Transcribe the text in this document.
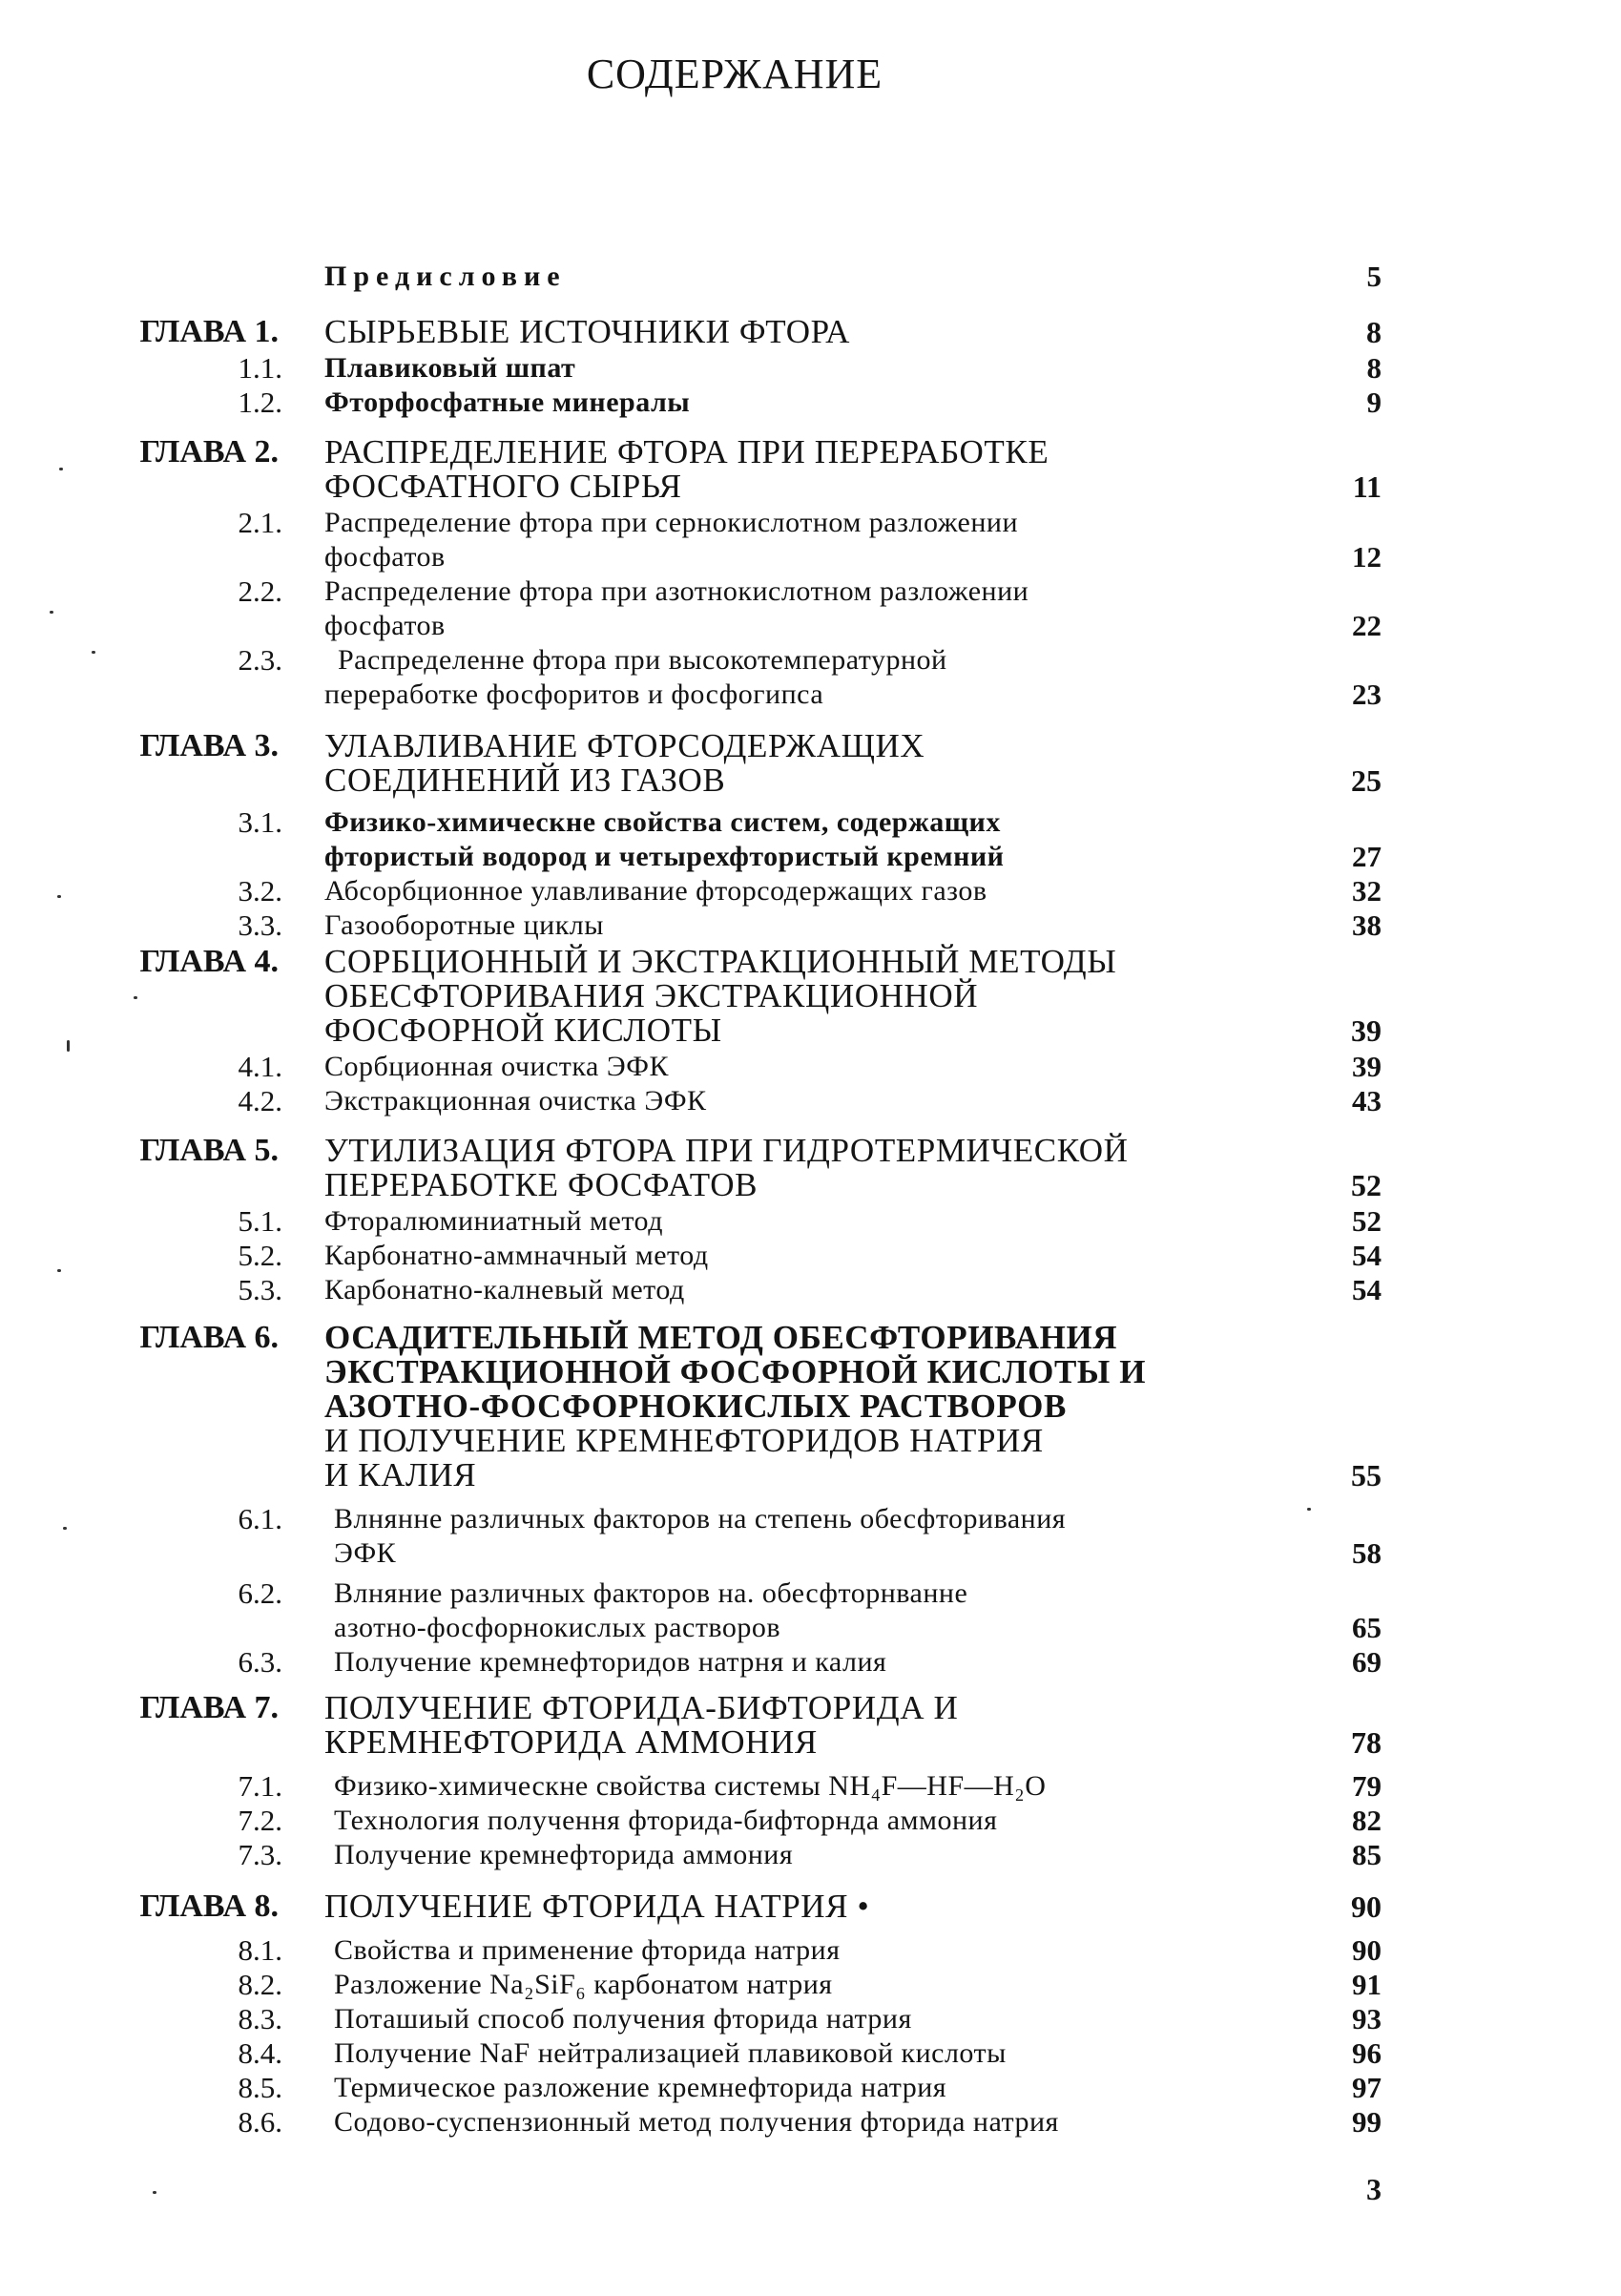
СОДЕРЖАНИЕ
Предисловие	5
ГЛАВА 1. СЫРЬЕВЫЕ ИСТОЧНИКИ ФТОРА	8
1.1. Плавиковый шпат	8
1.2. Фторфосфатные минералы	9
ГЛАВА 2. РАСПРЕДЕЛЕНИЕ ФТОРА ПРИ ПЕРЕРАБОТКЕ
ФОСФАТНОГО СЫРЬЯ	11
2.1. Распределение фтора при сернокислотном разложении
фосфатов	12
2.2. Распределение фтора при азотнокислотном разложении
фосфатов	22
2.3.	Распределенне фтора при высокотемпературной
переработке фосфоритов и фосфогипса	23
ГЛАВА 3. УЛАВЛИВАНИЕ ФТОРСОДЕРЖАЩИХ
СОЕДИНЕНИЙ ИЗ ГАЗОВ	25
3.1. Физико-химическне свойства систем, содержащих
фтористый водород и четырехфтористый кремний	27
3.2. Абсорбционное улавливание фторсодержащих газов	32
3.3. Газооборотные циклы	38
ГЛАВА 4. СОРБЦИОННЫЙ И ЭКСТРАКЦИОННЫЙ МЕТОДЫ
ОБЕСФТОРИВАНИЯ ЭКСТРАКЦИОННОЙ
ФОСФОРНОЙ КИСЛОТЫ	39
4.1. Сорбционная очистка ЭФК	39
4.2. Экстракционная очистка ЭФК	43
ГЛАВА 5. УТИЛИЗАЦИЯ ФТОРА ПРИ ГИДРОТЕРМИЧЕСКОЙ
ПЕРЕРАБОТКЕ ФОСФАТОВ	52
5.1. Фторалюминиатный метод	52
5.2. Карбонатно-аммначный метод	54
5.3. Карбонатно-калневый метод	54
ГЛАВА 6. ОСАДИТЕЛЬНЫЙ МЕТОД ОБЕСФТОРИВАНИЯ
ЭКСТРАКЦИОННОЙ ФОСФОРНОЙ КИСЛОТЫ И
АЗОТНО-ФОСФОРНОКИСЛЫХ РАСТВОРОВ
И ПОЛУЧЕНИЕ КРЕМНЕФТОРИДОВ НАТРИЯ
И КАЛИЯ	55
6.1. Влнянне различных факторов на степень обесфторивания
ЭФК	58
6.2. Влняние различных факторов на. обесфторнванне
азотно-фосфорнокислых растворов	65
6.3. Получение кремнефторидов натрня и калия	69
ГЛАВА 7. ПОЛУЧЕНИЕ ФТОРИДА-БИФТОРИДА И
КРЕМНЕФТОРИДА АММОНИЯ	78
7.1. Физико-химическне свойства системы NH₄F—HF—H₂O	79
7.2. Технология получення фторида-бифторнда аммония	82
7.3. Получение кремнефторида аммония	85
ГЛАВА 8. ПОЛУЧЕНИЕ ФТОРИДА НАТРИЯ •	90
8.1. Свойства и применение фторида натрия	90
8.2. Разложение Na₂SiF₆ карбонатом натрия	91
8.3. Поташиый способ получения фторида натрия	93
8.4. Получение NaF нейтрализацией плавиковой кислоты	96
8.5. Термическое разложение кремнефторида натрия	97
8.6. Содово-суспензионный метод получения фторида натрия	99
3
